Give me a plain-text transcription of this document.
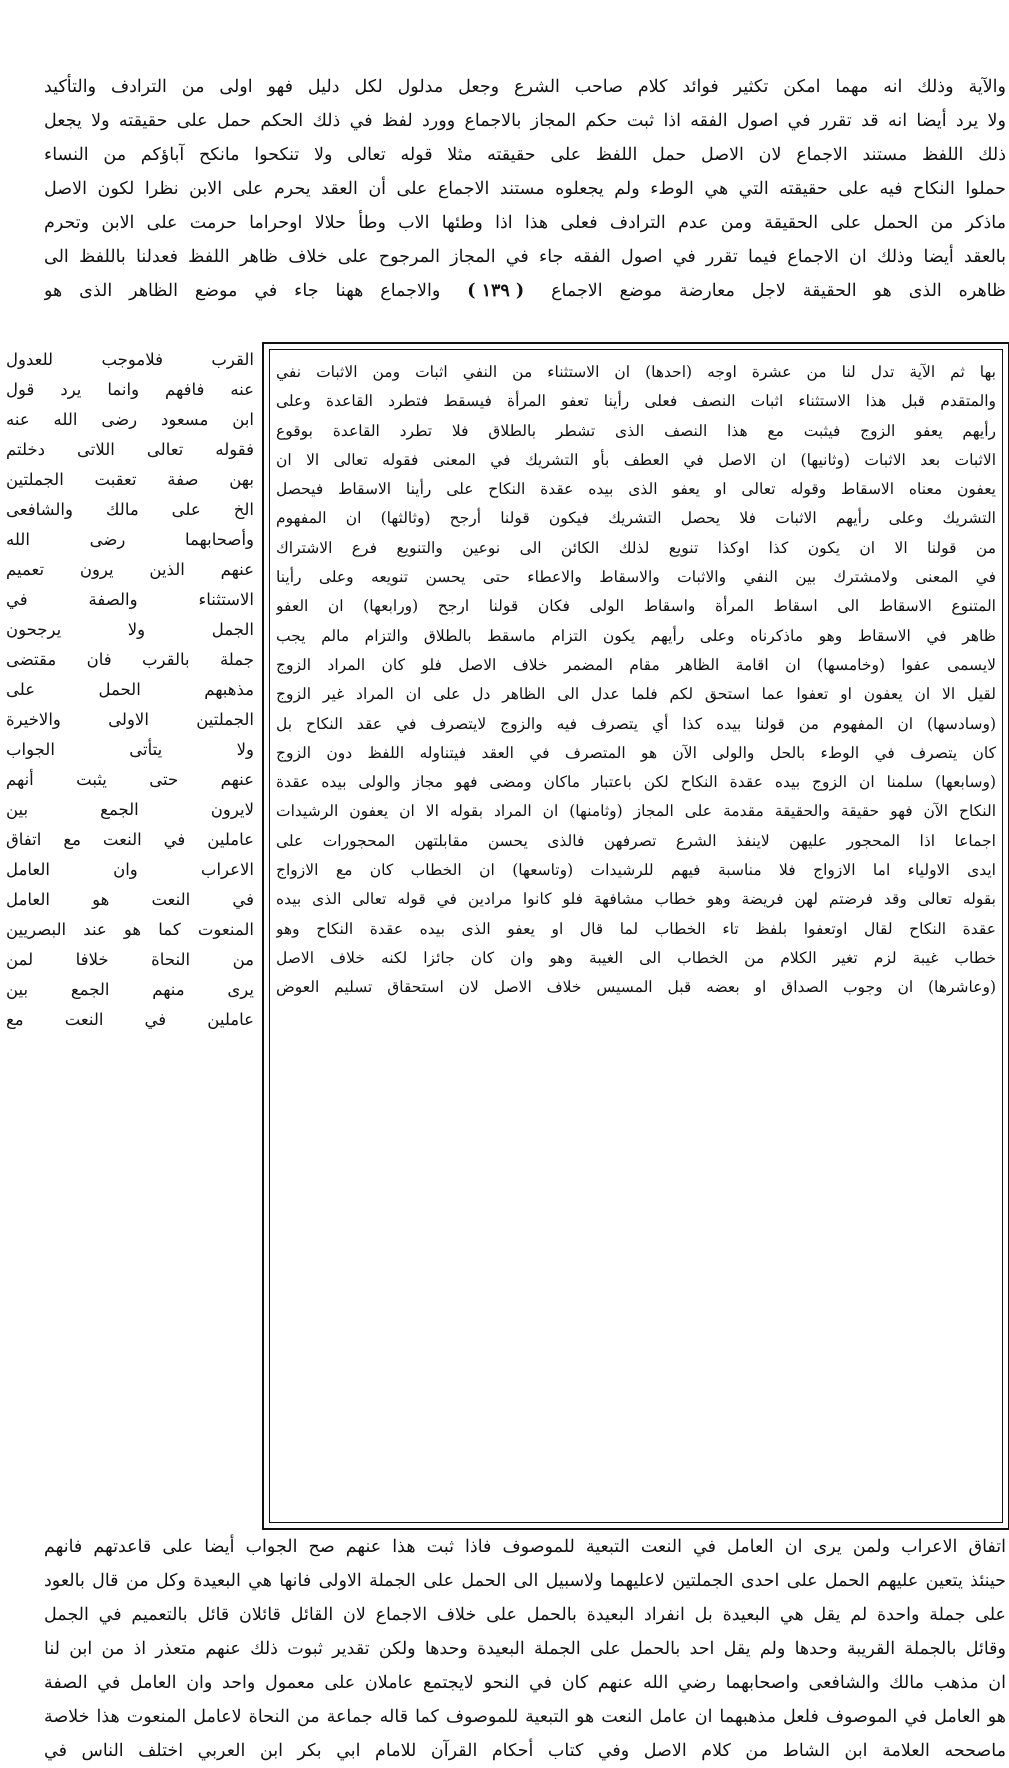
والآية وذلك انه مهما امكن تكثير فوائد كلام صاحب الشرع وجعل مدلول لكل دليل فهو اولى من الترادف والتأكيد
ولا يرد أيضا انه قد تقرر في اصول الفقه اذا ثبت حكم المجاز بالاجماع وورد لفظ في ذلك الحكم حمل على حقيقته ولا يجعل
ذلك اللفظ مستند الاجماع لان الاصل حمل اللفظ على حقيقته مثلا قوله تعالى ولا تنكحوا مانكح آباؤكم من النساء
حملوا النكاح فيه على حقيقته التي هي الوطء ولم يجعلوه مستند الاجماع على أن العقد يحرم على الابن نظرا لكون الاصل
ماذكر من الحمل على الحقيقة ومن عدم الترادف فعلى هذا اذا وطئها الاب وطأ حلالا اوحراما حرمت على الابن وتحرم
بالعقد أيضا وذلك ان الاجماع فيما تقرر في اصول الفقه جاء في المجاز المرجوح على خلاف ظاهر اللفظ فعدلنا باللفظ الى
ظاهره الذى هو الحقيقة لاجل معارضة موضع الاجماع ( ١٣٩ ) والاجماع ههنا جاء في موضع الظاهر الذى هو
بها ثم الآية تدل لنا من عشرة اوجه (احدها) ان الاستثناء من النفي اثبات ومن الاثبات نفي
والمتقدم قبل هذا الاستثناء اثبات النصف فعلى رأينا تعفو المرأة فيسقط فتطرد القاعدة وعلى
رأيهم يعفو الزوج فيثبت مع هذا النصف الذى تشطر بالطلاق فلا تطرد القاعدة بوقوع
الاثبات بعد الاثبات (وثانيها) ان الاصل في العطف بأو التشريك في المعنى فقوله تعالى الا ان
يعفون معناه الاسقاط وقوله تعالى او يعفو الذى بيده عقدة النكاح على رأينا الاسقاط فيحصل
التشريك وعلى رأيهم الاثبات فلا يحصل التشريك فيكون قولنا أرجح (وثالثها) ان المفهوم
من قولنا الا ان يكون كذا اوكذا تنويع لذلك الكائن الى نوعين والتنويع فرع الاشتراك
في المعنى ولامشترك بين النفي والاثبات والاسقاط والاعطاء حتى يحسن تنويعه وعلى رأينا
المتنوع الاسقاط الى اسقاط المرأة واسقاط الولى فكان قولنا ارجح (ورابعها) ان العفو
ظاهر في الاسقاط وهو ماذكرناه وعلى رأيهم يكون التزام ماسقط بالطلاق والتزام مالم يجب
لايسمى عفوا (وخامسها) ان اقامة الظاهر مقام المضمر خلاف الاصل فلو كان المراد الزوج
لقيل الا ان يعفون او تعفوا عما استحق لكم فلما عدل الى الظاهر دل على ان المراد غير الزوج
(وسادسها) ان المفهوم من قولنا بيده كذا أي يتصرف فيه والزوج لايتصرف في عقد النكاح بل
كان يتصرف في الوطء بالحل والولى الآن هو المتصرف في العقد فيتناوله اللفظ دون الزوج
(وسابعها) سلمنا ان الزوج بيده عقدة النكاح لكن باعتبار ماكان ومضى فهو مجاز والولى بيده عقدة
النكاح الآن فهو حقيقة والحقيقة مقدمة على المجاز (وثامنها) ان المراد بقوله الا ان يعفون الرشيدات
اجماعا اذا المحجور عليهن لاينفذ الشرع تصرفهن فالذى يحسن مقابلتهن المحجورات على
ايدى الاولياء اما الازواج فلا مناسبة فيهم للرشيدات (وتاسعها) ان الخطاب كان مع الازواج
بقوله تعالى وقد فرضتم لهن فريضة وهو خطاب مشافهة فلو كانوا مرادين في قوله تعالى الذى بيده
عقدة النكاح لقال اوتعفوا بلفظ تاء الخطاب لما قال او يعفو الذى بيده عقدة النكاح وهو
خطاب غيبة لزم تغير الكلام من الخطاب الى الغيبة وهو وان كان جائزا لكنه خلاف الاصل
(وعاشرها) ان وجوب الصداق او بعضه قبل المسيس خلاف الاصل لان استحقاق تسليم العوض
القرب فلاموجب للعدول
عنه فافهم وانما يرد قول
ابن مسعود رضى الله عنه
فقوله تعالى اللاتى دخلتم
بهن صفة تعقبت الجملتين
الخ على مالك والشافعى
وأصحابهما رضى الله
عنهم الذين يرون تعميم
الاستثناء والصفة في
الجمل ولا يرجحون
جملة بالقرب فان مقتضى
مذهبهم الحمل على
الجملتين الاولى والاخيرة
ولا يتأتى الجواب
عنهم حتى يثبت أنهم
لايرون الجمع بين
عاملين في النعت مع اتفاق
الاعراب وان العامل
في النعت هو العامل
المنعوت كما هو عند البصريين
من النحاة خلافا لمن
يرى منهم الجمع بين
عاملين في النعت مع
اتفاق الاعراب ولمن يرى ان العامل في النعت التبعية للموصوف فاذا ثبت هذا عنهم صح الجواب أيضا على قاعدتهم فانهم
حينئذ يتعين عليهم الحمل على احدى الجملتين لاعليهما ولاسبيل الى الحمل على الجملة الاولى فانها هي البعيدة وكل من قال بالعود
على جملة واحدة لم يقل هي البعيدة بل انفراد البعيدة بالحمل على خلاف الاجماع لان القائل قائلان قائل بالتعميم في الجمل
وقائل بالجملة القريبة وحدها ولم يقل احد بالحمل على الجملة البعيدة وحدها ولكن تقدير ثبوت ذلك عنهم متعذر اذ من ابن لنا
ان مذهب مالك والشافعى واصحابهما رضي الله عنهم كان في النحو لايجتمع عاملان على معمول واحد وان العامل في الصفة
هو العامل في الموصوف فلعل مذهبهما ان عامل النعت هو التبعية للموصوف كما قاله جماعة من النحاة لاعامل المنعوت هذا خلاصة
ماصححه العلامة ابن الشاط من كلام الاصل وفي كتاب أحكام القرآن للامام ابي بكر ابن العربي اختلف الناس في
